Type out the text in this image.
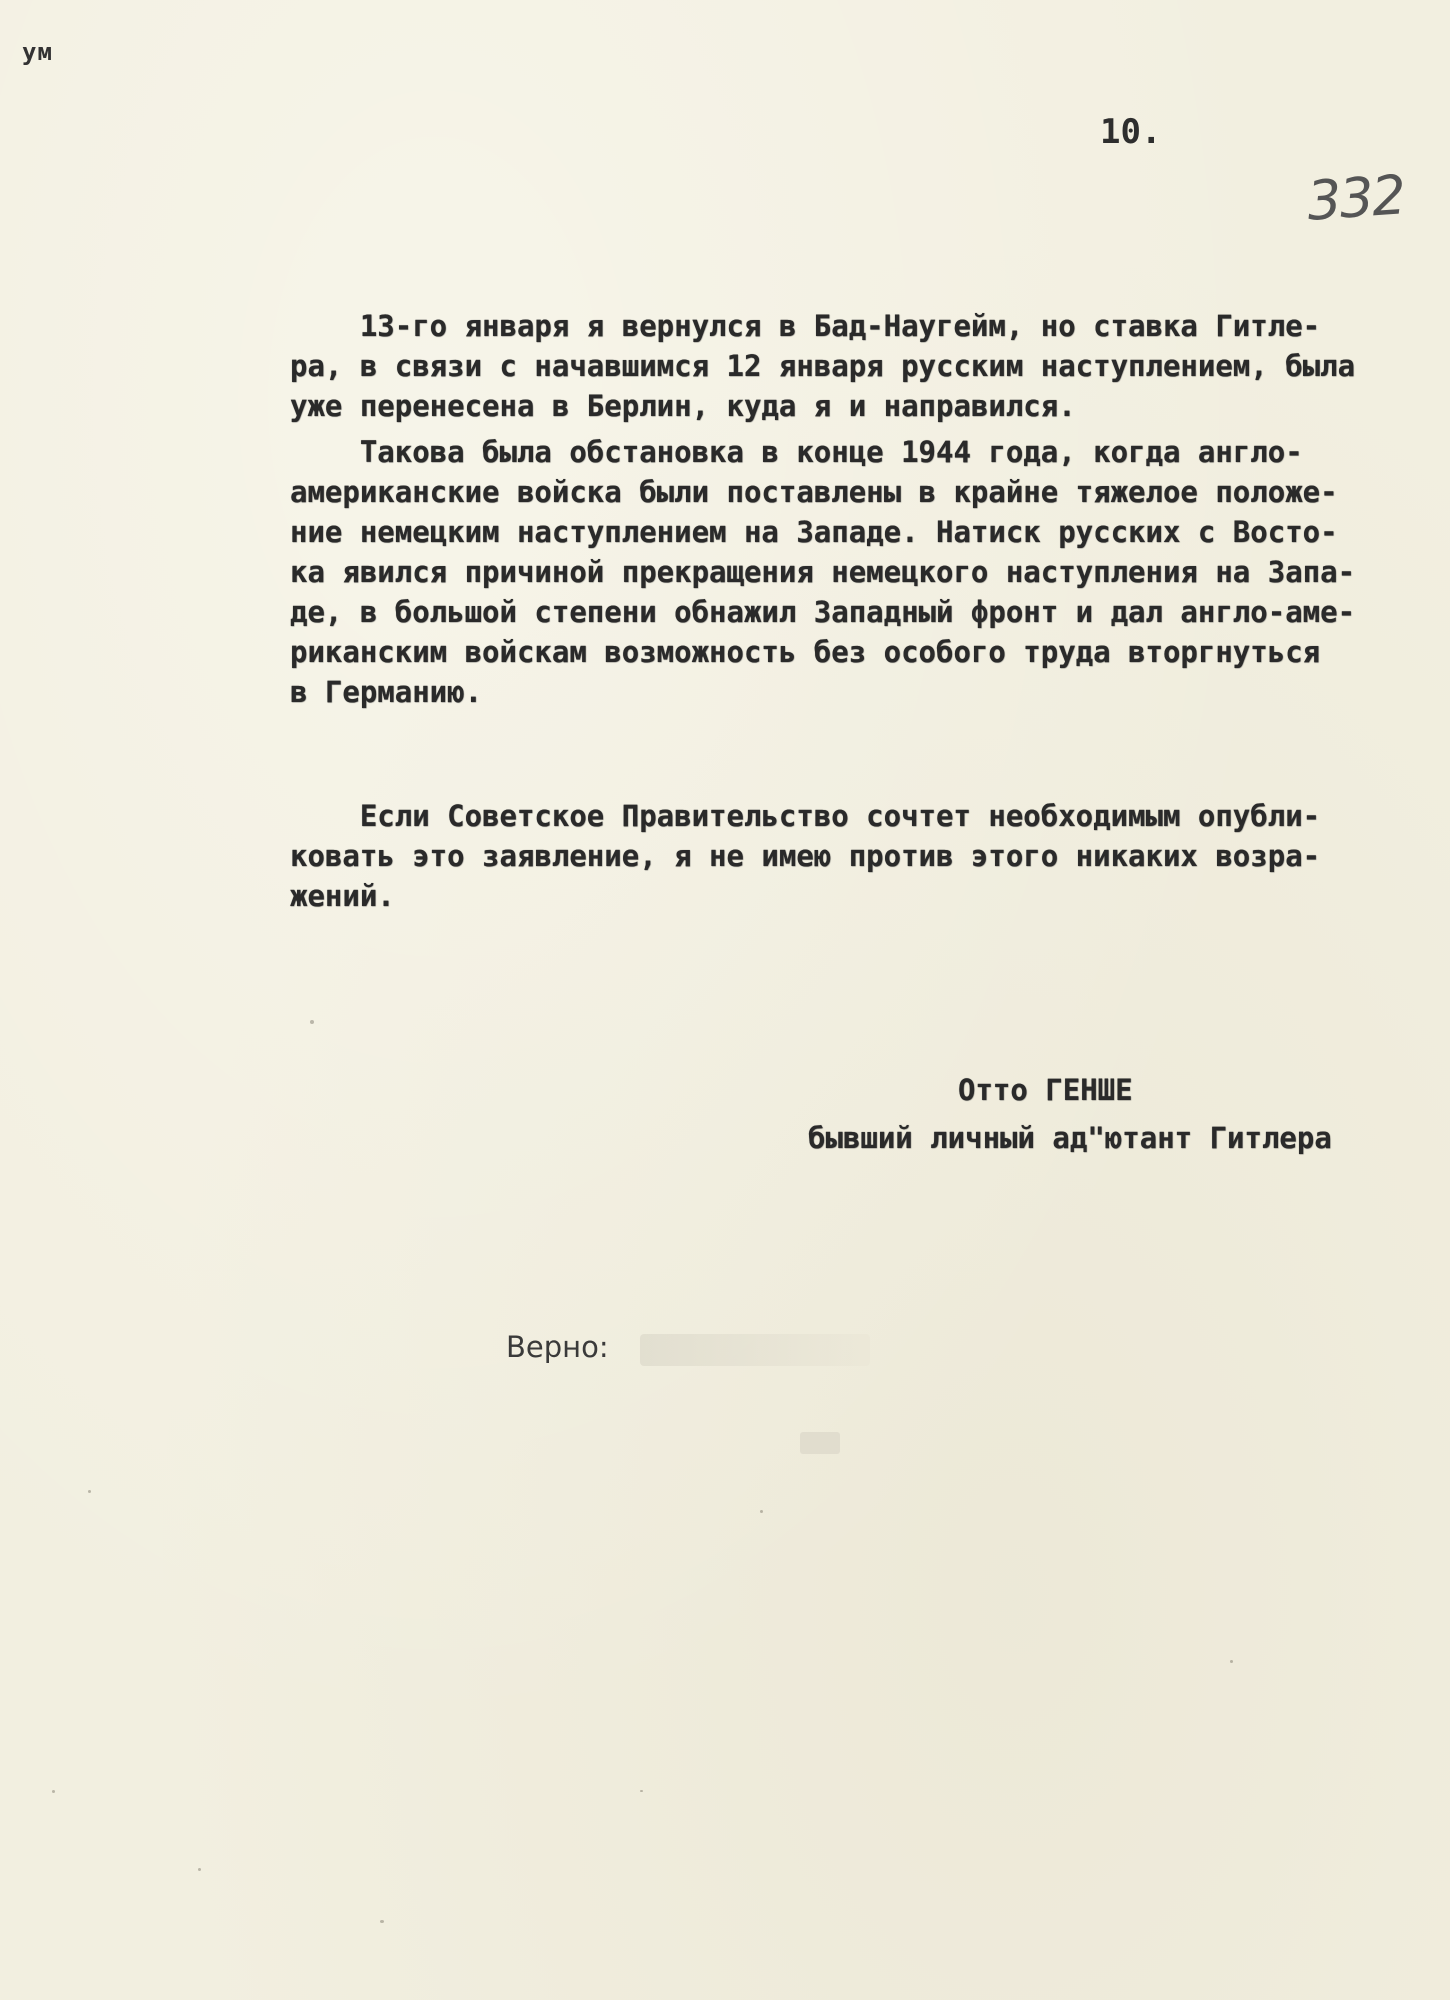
ум
10.
332
13-го января я вернулся в Бад-Наугейм, но ставка Гитле-
ра, в связи с начавшимся 12 января русским наступлением, была
уже перенесена в Берлин, куда я и направился.
Такова была обстановка в конце 1944 года, когда англо-
американские войска были поставлены в крайне тяжелое положе-
ние немецким наступлением на Западе. Натиск русских с Восто-
ка явился причиной прекращения немецкого наступления на Запа-
де, в большой степени обнажил Западный фронт и дал англо-аме-
риканским войскам возможность без особого труда вторгнуться
в Германию.
Если Советское Правительство сочтет необходимым опубли-
ковать это заявление, я не имею против этого никаких возра-
жений.
Отто ГЕНШЕ
бывший личный ад"ютант Гитлера
Верно:
